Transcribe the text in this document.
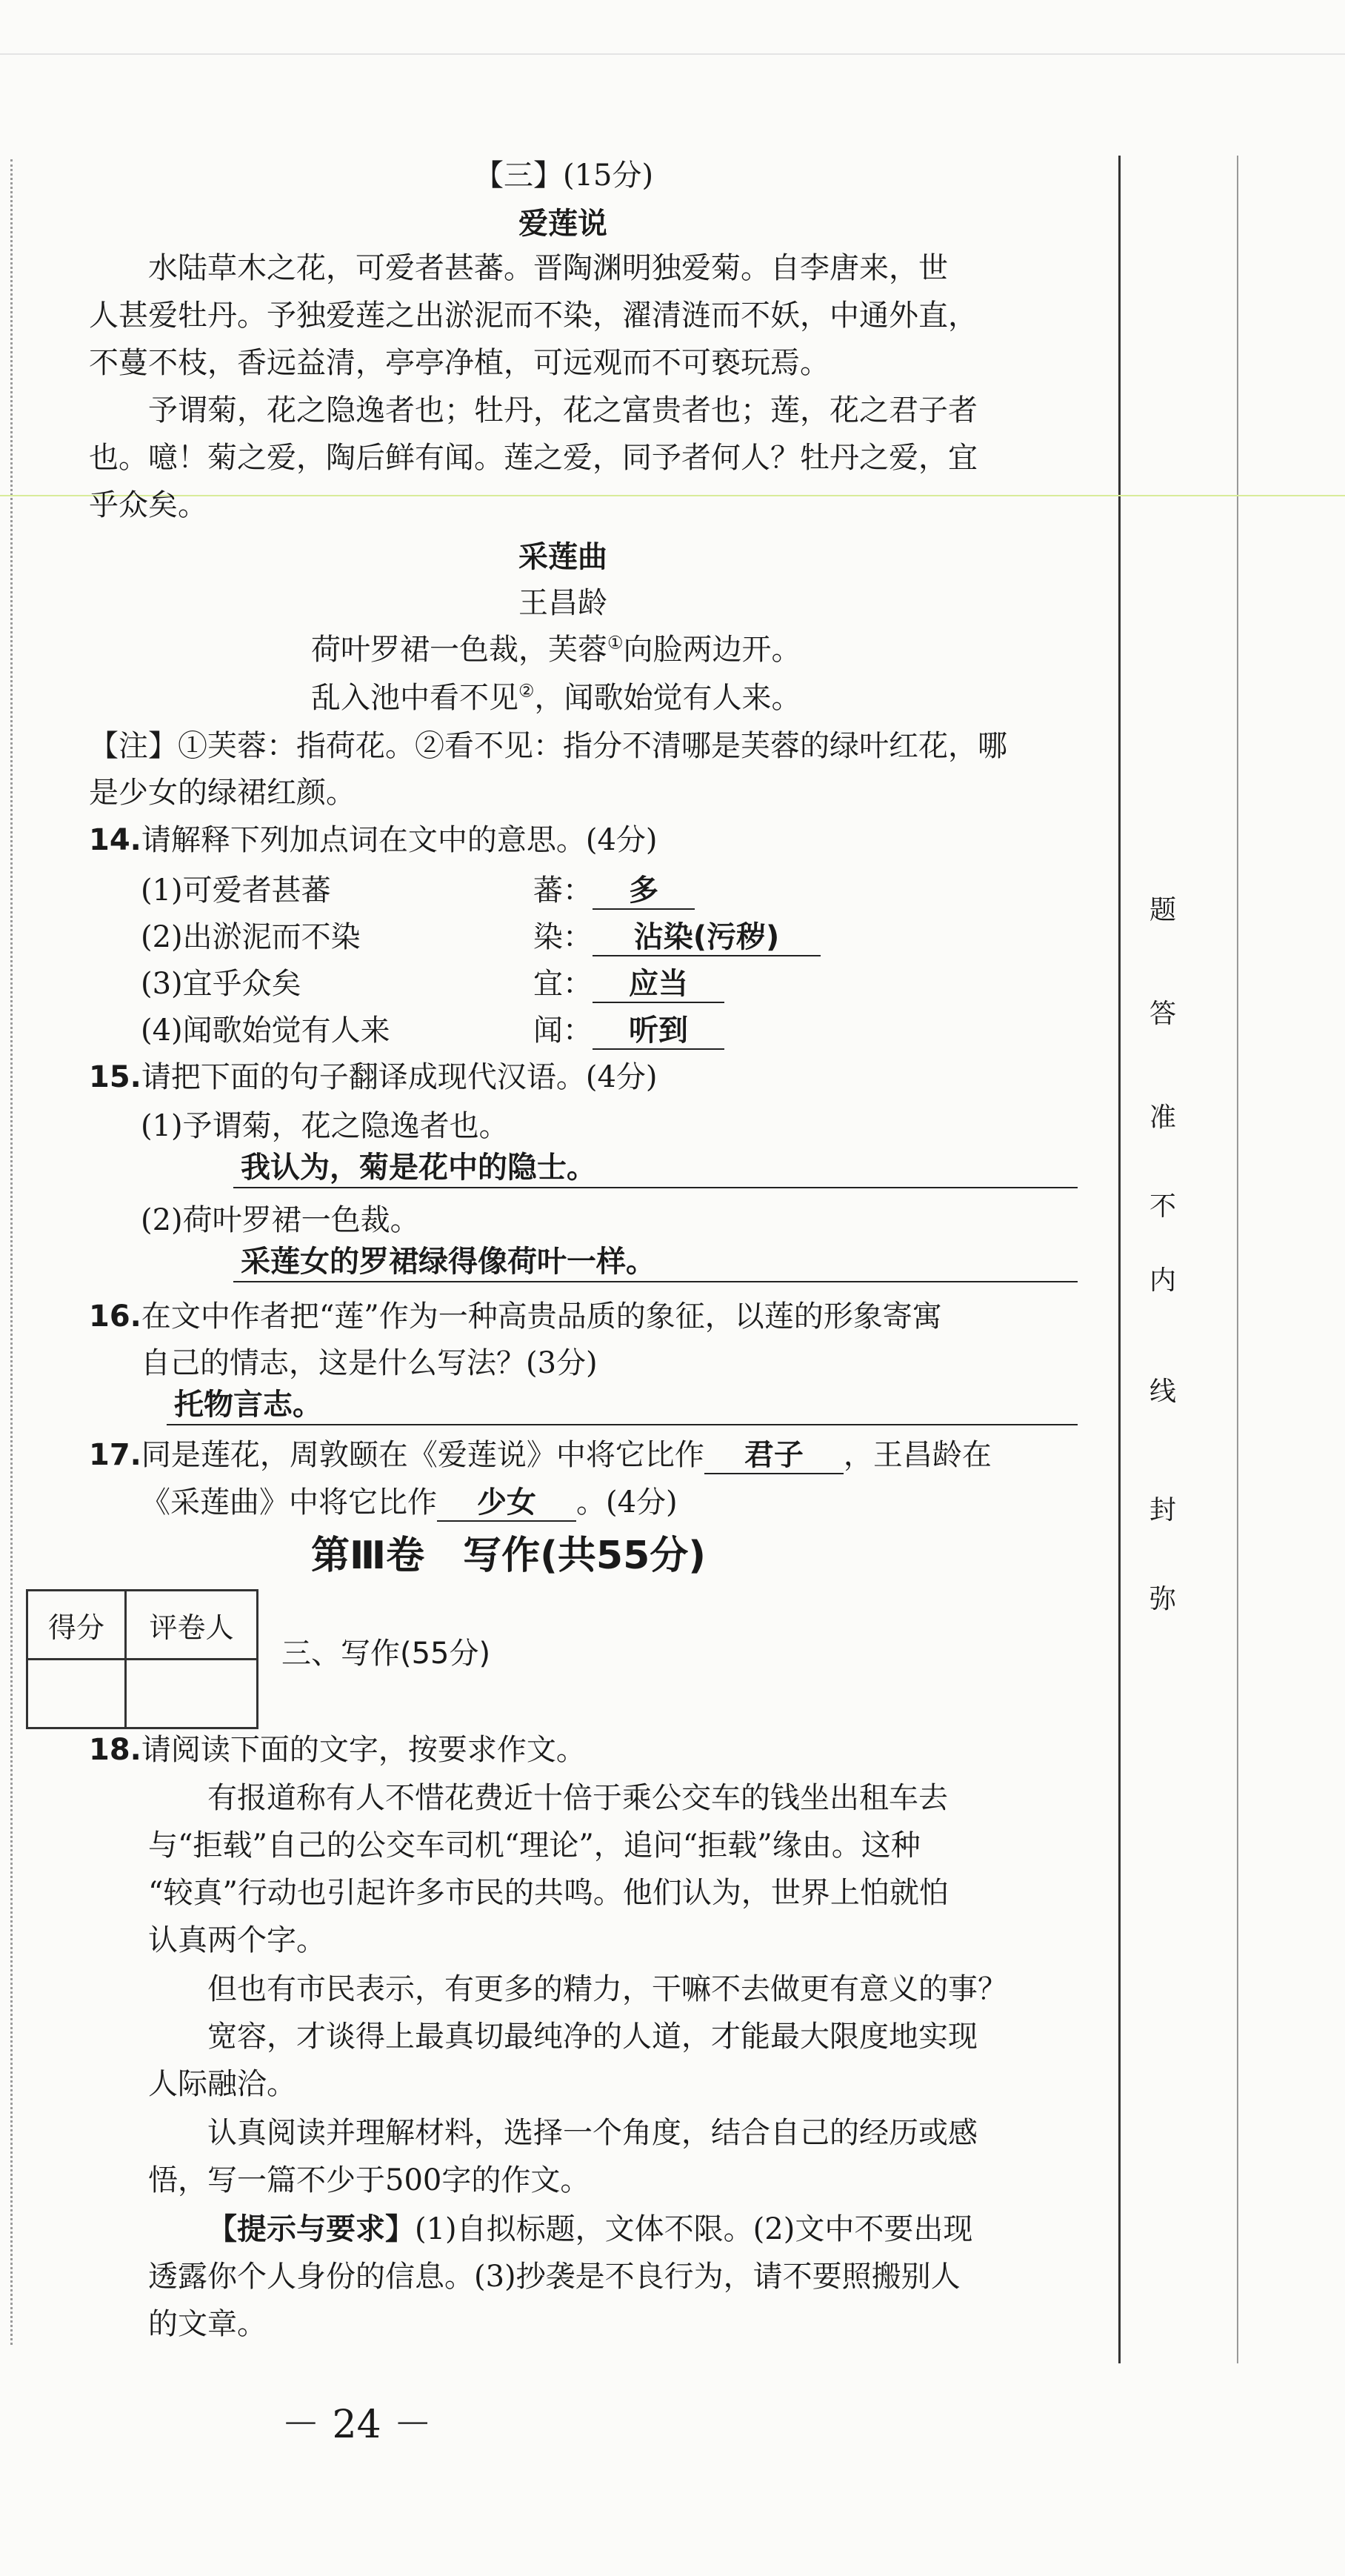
弥
封
线
内
不
准
答
题
【三】(15分)
爱莲说
水陆草木之花，可爱者甚蕃。晋陶渊明独爱菊。自李唐来，世
人甚爱牡丹。予独爱莲之出淤泥而不染，濯清涟而不妖，中通外直，
不蔓不枝，香远益清，亭亭净植，可远观而不可亵玩焉。
予谓菊，花之隐逸者也；牡丹，花之富贵者也；莲，花之君子者
也。噫！菊之爱，陶后鲜有闻。莲之爱，同予者何人？牡丹之爱，宜
乎众矣。
采莲曲
王昌龄
荷叶罗裙一色裁，芙蓉①向脸两边开。
乱入池中看不见②，闻歌始觉有人来。
【注】①芙蓉：指荷花。②看不见：指分不清哪是芙蓉的绿叶红花，哪
是少女的绿裙红颜。
14.请解释下列加点词在文中的意思。(4分)
(1)可爱者甚蕃	蕃： 多
(2)出淤泥而不染	染： 沾染(污秽)
(3)宜乎众矣	宜： 应当
(4)闻歌始觉有人来	闻： 听到
15.请把下面的句子翻译成现代汉语。(4分)
(1)予谓菊，花之隐逸者也。
我认为，菊是花中的隐士。
(2)荷叶罗裙一色裁。
采莲女的罗裙绿得像荷叶一样。
16.在文中作者把“莲”作为一种高贵品质的象征，以莲的形象寄寓
自己的情志，这是什么写法？(3分)
托物言志。
17.同是莲花，周敦颐在《爱莲说》中将它比作 君子 ，王昌龄在
《采莲曲》中将它比作 少女 。(4分)
第Ⅲ卷　写作(共55分)
得分	评卷人

三、写作(55分)
18.请阅读下面的文字，按要求作文。
有报道称有人不惜花费近十倍于乘公交车的钱坐出租车去
与“拒载”自己的公交车司机“理论”，追问“拒载”缘由。这种
“较真”行动也引起许多市民的共鸣。他们认为，世界上怕就怕
认真两个字。
但也有市民表示，有更多的精力，干嘛不去做更有意义的事？
宽容，才谈得上最真切最纯净的人道，才能最大限度地实现
人际融洽。
认真阅读并理解材料，选择一个角度，结合自己的经历或感
悟，写一篇不少于500字的作文。
【提示与要求】(1)自拟标题，文体不限。(2)文中不要出现
透露你个人身份的信息。(3)抄袭是不良行为，请不要照搬别人
的文章。
－ 24 －
